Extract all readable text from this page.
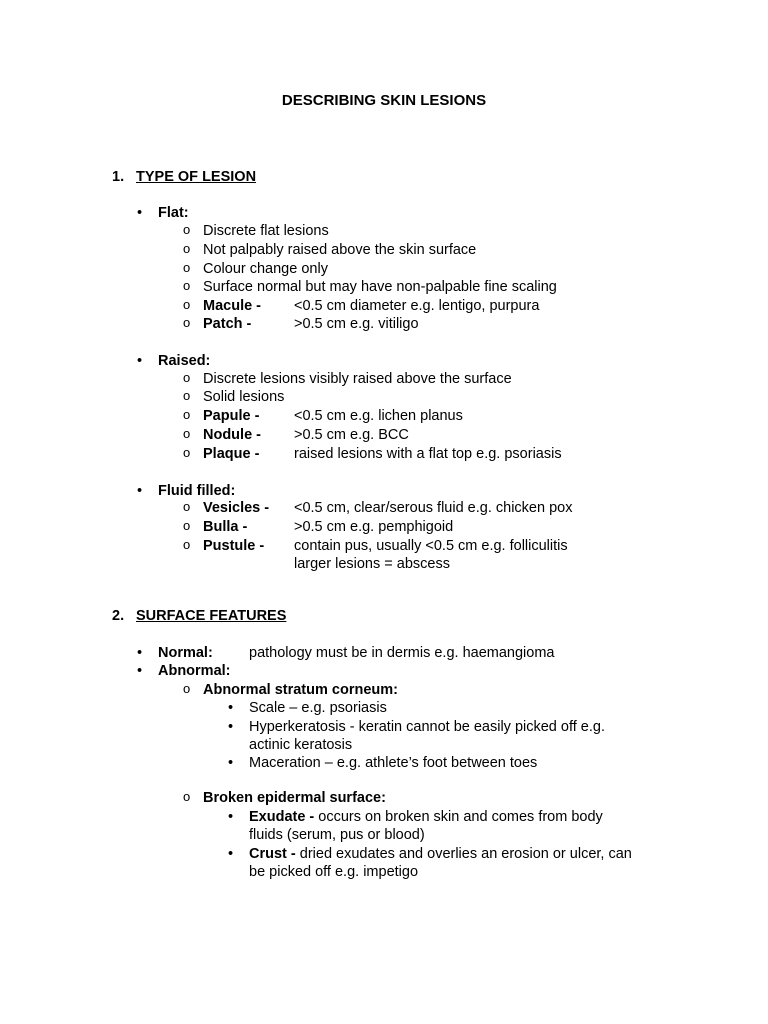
DESCRIBING SKIN LESIONS
1. TYPE OF LESION
• Flat:
o Discrete flat lesions
o Not palpably raised above the skin surface
o Colour change only
o Surface normal but may have non-palpable fine scaling
o Macule - <0.5 cm diameter e.g. lentigo, purpura
o Patch -	>0.5 cm e.g. vitiligo
• Raised:
o Discrete lesions visibly raised above the surface
o Solid lesions
o Papule - <0.5 cm e.g. lichen planus
o Nodule - >0.5 cm e.g. BCC
o Plaque - raised lesions with a flat top e.g. psoriasis
• Fluid filled:
o Vesicles - <0.5 cm, clear/serous fluid e.g. chicken pox
o Bulla -	>0.5 cm e.g. pemphigoid
o Pustule - contain pus, usually <0.5 cm e.g. folliculitis
larger lesions = abscess
2. SURFACE FEATURES
• Normal: pathology must be in dermis e.g. haemangioma
• Abnormal:
o Abnormal stratum corneum:
• Scale – e.g. psoriasis
• Hyperkeratosis - keratin cannot be easily picked off e.g.
actinic keratosis
• Maceration – e.g. athlete’s foot between toes
o Broken epidermal surface:
• Exudate - occurs on broken skin and comes from body
fluids (serum, pus or blood)
• Crust - dried exudates and overlies an erosion or ulcer, can
be picked off e.g. impetigo
